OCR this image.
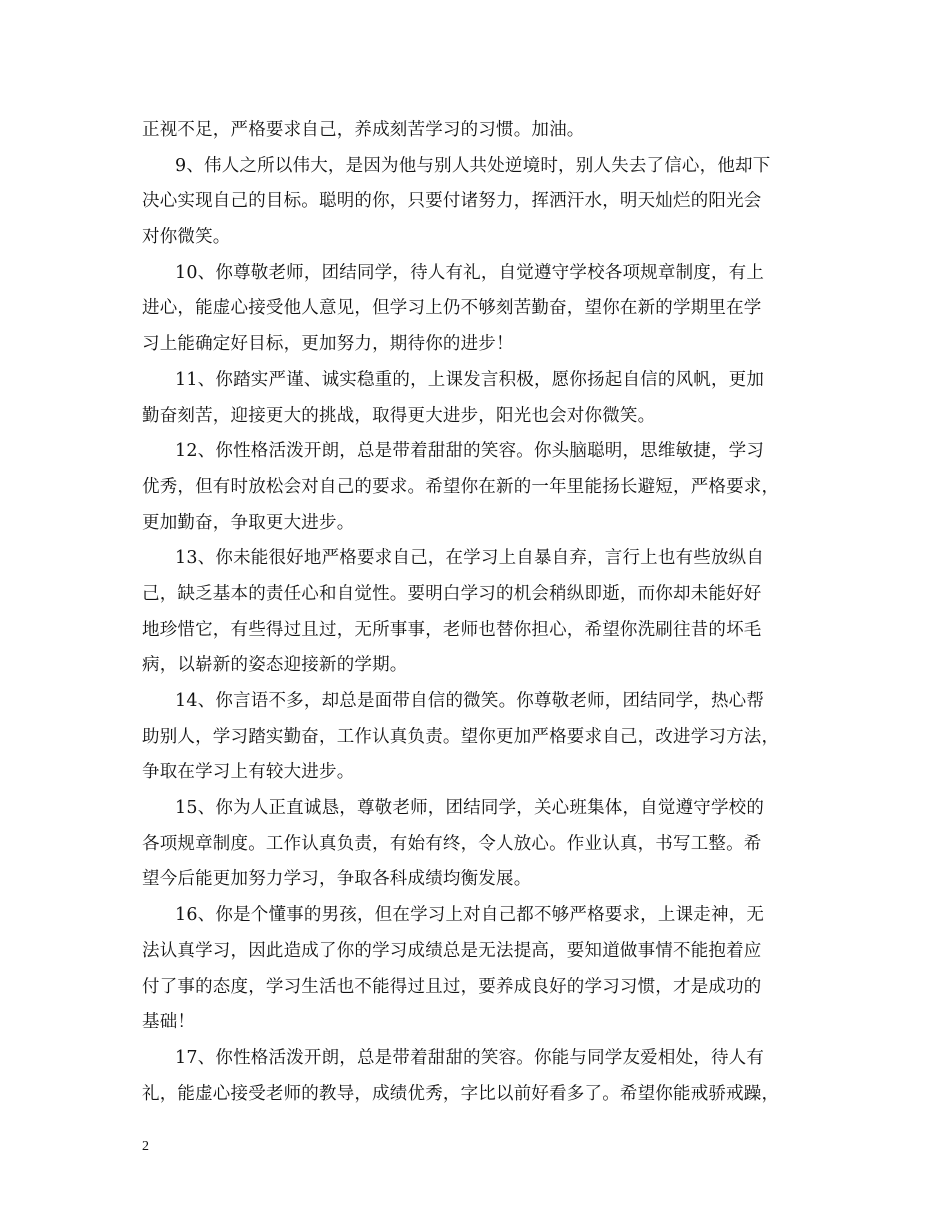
正视不足，严格要求自己，养成刻苦学习的习惯。加油。
9、伟人之所以伟大，是因为他与别人共处逆境时，别人失去了信心，他却下
决心实现自己的目标。聪明的你，只要付诸努力，挥洒汗水，明天灿烂的阳光会
对你微笑。
10、你尊敬老师，团结同学，待人有礼，自觉遵守学校各项规章制度，有上
进心，能虚心接受他人意见，但学习上仍不够刻苦勤奋，望你在新的学期里在学
习上能确定好目标，更加努力，期待你的进步！
11、你踏实严谨、诚实稳重的，上课发言积极，愿你扬起自信的风帆，更加
勤奋刻苦，迎接更大的挑战，取得更大进步，阳光也会对你微笑。
12、你性格活泼开朗，总是带着甜甜的笑容。你头脑聪明，思维敏捷，学习
优秀，但有时放松会对自己的要求。希望你在新的一年里能扬长避短，严格要求，
更加勤奋，争取更大进步。
13、你未能很好地严格要求自己，在学习上自暴自弃，言行上也有些放纵自
己，缺乏基本的责任心和自觉性。要明白学习的机会稍纵即逝，而你却未能好好
地珍惜它，有些得过且过，无所事事，老师也替你担心，希望你洗刷往昔的坏毛
病，以崭新的姿态迎接新的学期。
14、你言语不多，却总是面带自信的微笑。你尊敬老师，团结同学，热心帮
助别人，学习踏实勤奋，工作认真负责。望你更加严格要求自己，改进学习方法，
争取在学习上有较大进步。
15、你为人正直诚恳，尊敬老师，团结同学，关心班集体，自觉遵守学校的
各项规章制度。工作认真负责，有始有终，令人放心。作业认真，书写工整。希
望今后能更加努力学习，争取各科成绩均衡发展。
16、你是个懂事的男孩，但在学习上对自己都不够严格要求，上课走神，无
法认真学习，因此造成了你的学习成绩总是无法提高，要知道做事情不能抱着应
付了事的态度，学习生活也不能得过且过，要养成良好的学习习惯，才是成功的
基础！
17、你性格活泼开朗，总是带着甜甜的笑容。你能与同学友爱相处，待人有
礼，能虚心接受老师的教导，成绩优秀，字比以前好看多了。希望你能戒骄戒躁，
2
